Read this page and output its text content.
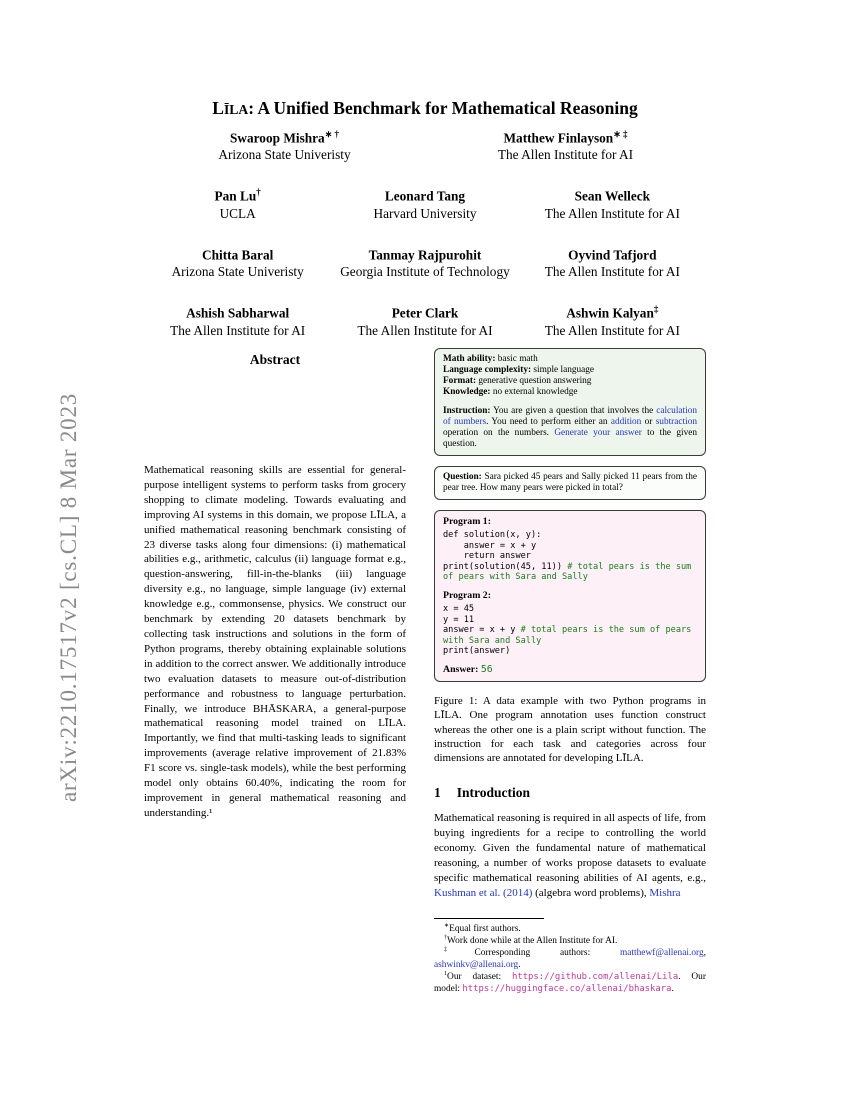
arXiv:2210.17517v2 [cs.CL] 8 Mar 2023
LĪLA: A Unified Benchmark for Mathematical Reasoning
Swaroop Mishra∗ †
Arizona State Univeristy
Matthew Finlayson∗ ‡
The Allen Institute for AI
Pan Lu†
UCLA
Leonard Tang
Harvard University
Sean Welleck
The Allen Institute for AI
Chitta Baral
Arizona State Univeristy
Tanmay Rajpurohit
Georgia Institute of Technology
Oyvind Tafjord
The Allen Institute for AI
Ashish Sabharwal
The Allen Institute for AI
Peter Clark
The Allen Institute for AI
Ashwin Kalyan‡
The Allen Institute for AI
Abstract

Mathematical reasoning skills are essential for general-purpose intelligent systems to perform tasks from grocery shopping to climate modeling. Towards evaluating and improving AI systems in this domain, we propose LĪLA, a unified mathematical reasoning benchmark consisting of 23 diverse tasks along four dimensions: (i) mathematical abilities e.g., arithmetic, calculus (ii) language format e.g., question-answering, fill-in-the-blanks (iii) language diversity e.g., no language, simple language (iv) external knowledge e.g., commonsense, physics. We construct our benchmark by extending 20 datasets benchmark by collecting task instructions and solutions in the form of Python programs, thereby obtaining explainable solutions in addition to the correct answer. We additionally introduce two evaluation datasets to measure out-of-distribution performance and robustness to language perturbation. Finally, we introduce BHĀSKARA, a general-purpose mathematical reasoning model trained on LĪLA. Importantly, we find that multi-tasking leads to significant improvements (average relative improvement of 21.83% F1 score vs. single-task models), while the best performing model only obtains 60.40%, indicating the room for improvement in general mathematical reasoning and understanding.¹

Math ability: basic math
Language complexity: simple language
Format: generative question answering
Knowledge: no external knowledge
Instruction: You are given a question that involves the calculation of numbers. You need to perform either an addition or subtraction operation on the numbers. Generate your answer to the given question.
Question: Sara picked 45 pears and Sally picked 11 pears from the pear tree. How many pears were picked in total?
Program 1:
def solution(x, y):
answer = x + y
return answer
print(solution(45, 11)) # total pears is the sum of pears with Sara and Sally
Program 2:
x = 45
y = 11
answer = x + y # total pears is the sum of pears with Sara and Sally
print(answer)
Answer: 56
Figure 1: A data example with two Python programs in LĪLA. One program annotation uses function construct whereas the other one is a plain script without function. The instruction for each task and categories across four dimensions are annotated for developing LĪLA.
1 Introduction

Mathematical reasoning is required in all aspects of life, from buying ingredients for a recipe to controlling the world economy. Given the fundamental nature of mathematical reasoning, a number of works propose datasets to evaluate specific mathematical reasoning abilities of AI agents, e.g., Kushman et al. (2014) (algebra word problems), Mishra

∗Equal first authors.

†Work done while at the Allen Institute for AI.

‡Corresponding authors: matthewf@allenai.org, ashwinkv@allenai.org.

$^1$Our dataset: https://github.com/allenai/Lila. Our model: https://huggingface.co/allenai/bhaskara.
